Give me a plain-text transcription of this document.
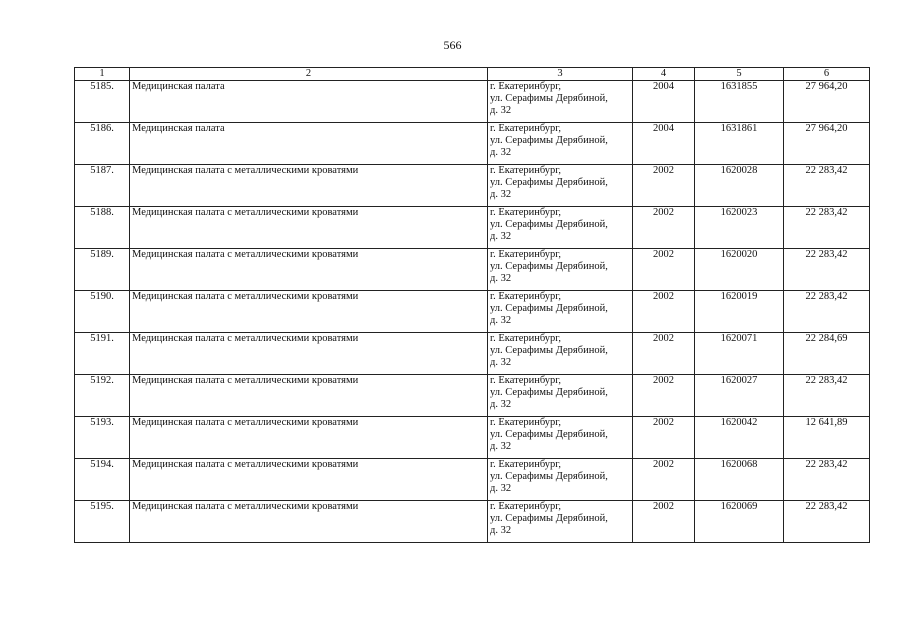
566
1	2	3	4	5	6
5185.	Медицинская палата	г. Екатеринбург,
ул. Серафимы Дерябиной,
д. 32	2004	1631855	27 964,20
5186.	Медицинская палата	г. Екатеринбург,
ул. Серафимы Дерябиной,
д. 32	2004	1631861	27 964,20
5187.	Медицинская палата с металлическими кроватями	г. Екатеринбург,
ул. Серафимы Дерябиной,
д. 32	2002	1620028	22 283,42
5188.	Медицинская палата с металлическими кроватями	г. Екатеринбург,
ул. Серафимы Дерябиной,
д. 32	2002	1620023	22 283,42
5189.	Медицинская палата с металлическими кроватями	г. Екатеринбург,
ул. Серафимы Дерябиной,
д. 32	2002	1620020	22 283,42
5190.	Медицинская палата с металлическими кроватями	г. Екатеринбург,
ул. Серафимы Дерябиной,
д. 32	2002	1620019	22 283,42
5191.	Медицинская палата с металлическими кроватями	г. Екатеринбург,
ул. Серафимы Дерябиной,
д. 32	2002	1620071	22 284,69
5192.	Медицинская палата с металлическими кроватями	г. Екатеринбург,
ул. Серафимы Дерябиной,
д. 32	2002	1620027	22 283,42
5193.	Медицинская палата с металлическими кроватями	г. Екатеринбург,
ул. Серафимы Дерябиной,
д. 32	2002	1620042	12 641,89
5194.	Медицинская палата с металлическими кроватями	г. Екатеринбург,
ул. Серафимы Дерябиной,
д. 32	2002	1620068	22 283,42
5195.	Медицинская палата с металлическими кроватями	г. Екатеринбург,
ул. Серафимы Дерябиной,
д. 32	2002	1620069	22 283,42
